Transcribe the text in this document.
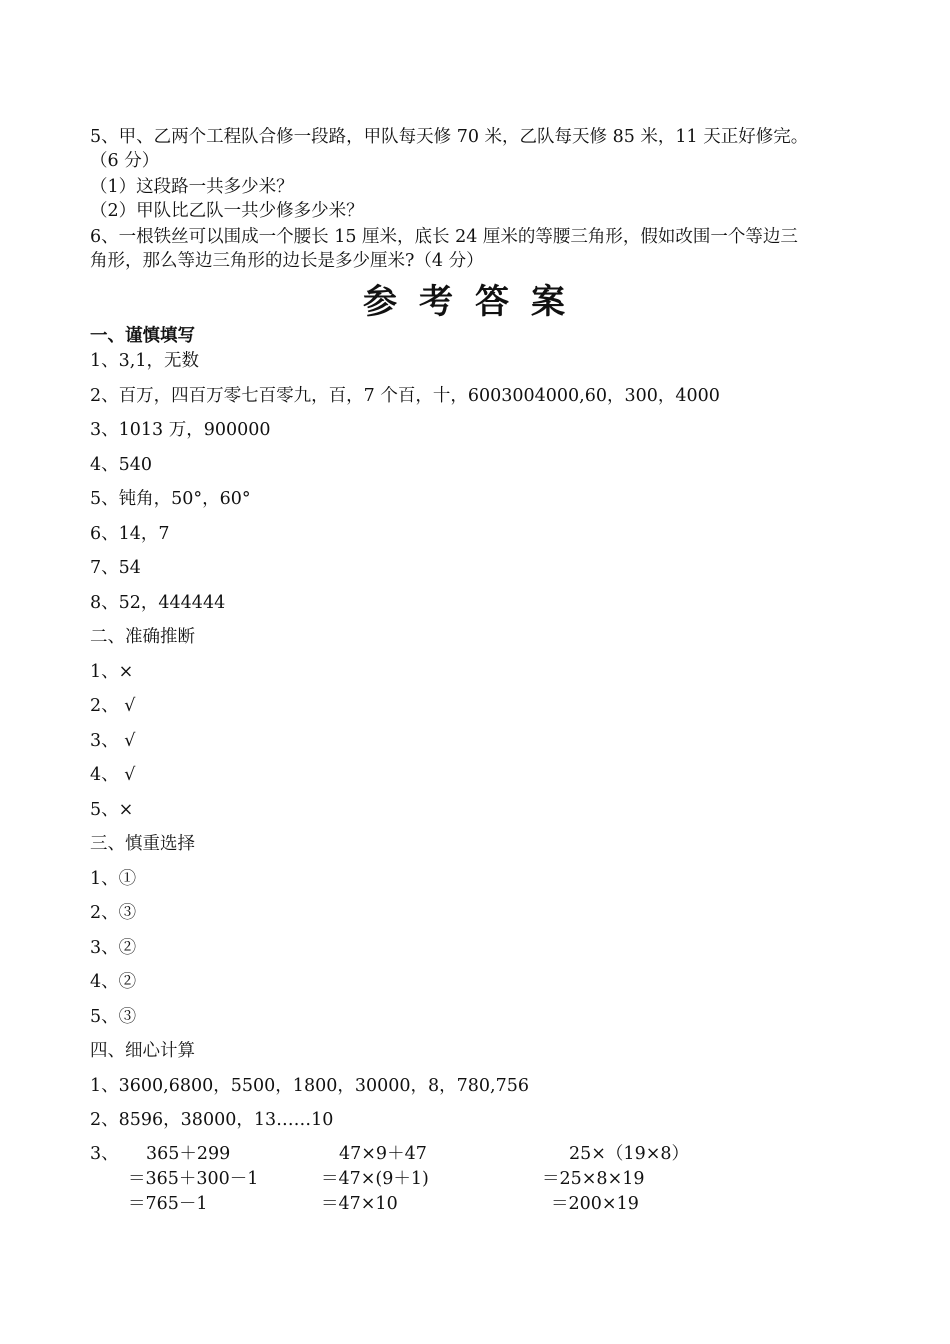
5、甲、乙两个工程队合修一段路，甲队每天修 70 米，乙队每天修 85 米，11 天正好修完。
（6 分）
（1）这段路一共多少米？
（2）甲队比乙队一共少修多少米？
6、一根铁丝可以围成一个腰长 15 厘米，底长 24 厘米的等腰三角形，假如改围一个等边三
角形，那么等边三角形的边长是多少厘米?（4 分）
参考答案
一、谨慎填写
1、3,1，无数
2、百万，四百万零七百零九，百，7 个百，十，6003004000,60，300，4000
3、1013 万，900000
4、540
5、钝角，50°，60°
6、14，7
7、54
8、52，444444
二、准确推断
1、×
2、 √
3、 √
4、 √
5、×
三、慎重选择
1、①
2、③
3、②
4、②
5、③
四、细心计算
1、3600,6800，5500，1800，30000，8，780,756
2、8596，38000，13……10
3、 365＋299
＝365＋300－1
＝765－1
47×9＋47
＝47×(9＋1)
＝47×10
25×（19×8）
＝25×8×19
＝200×19
